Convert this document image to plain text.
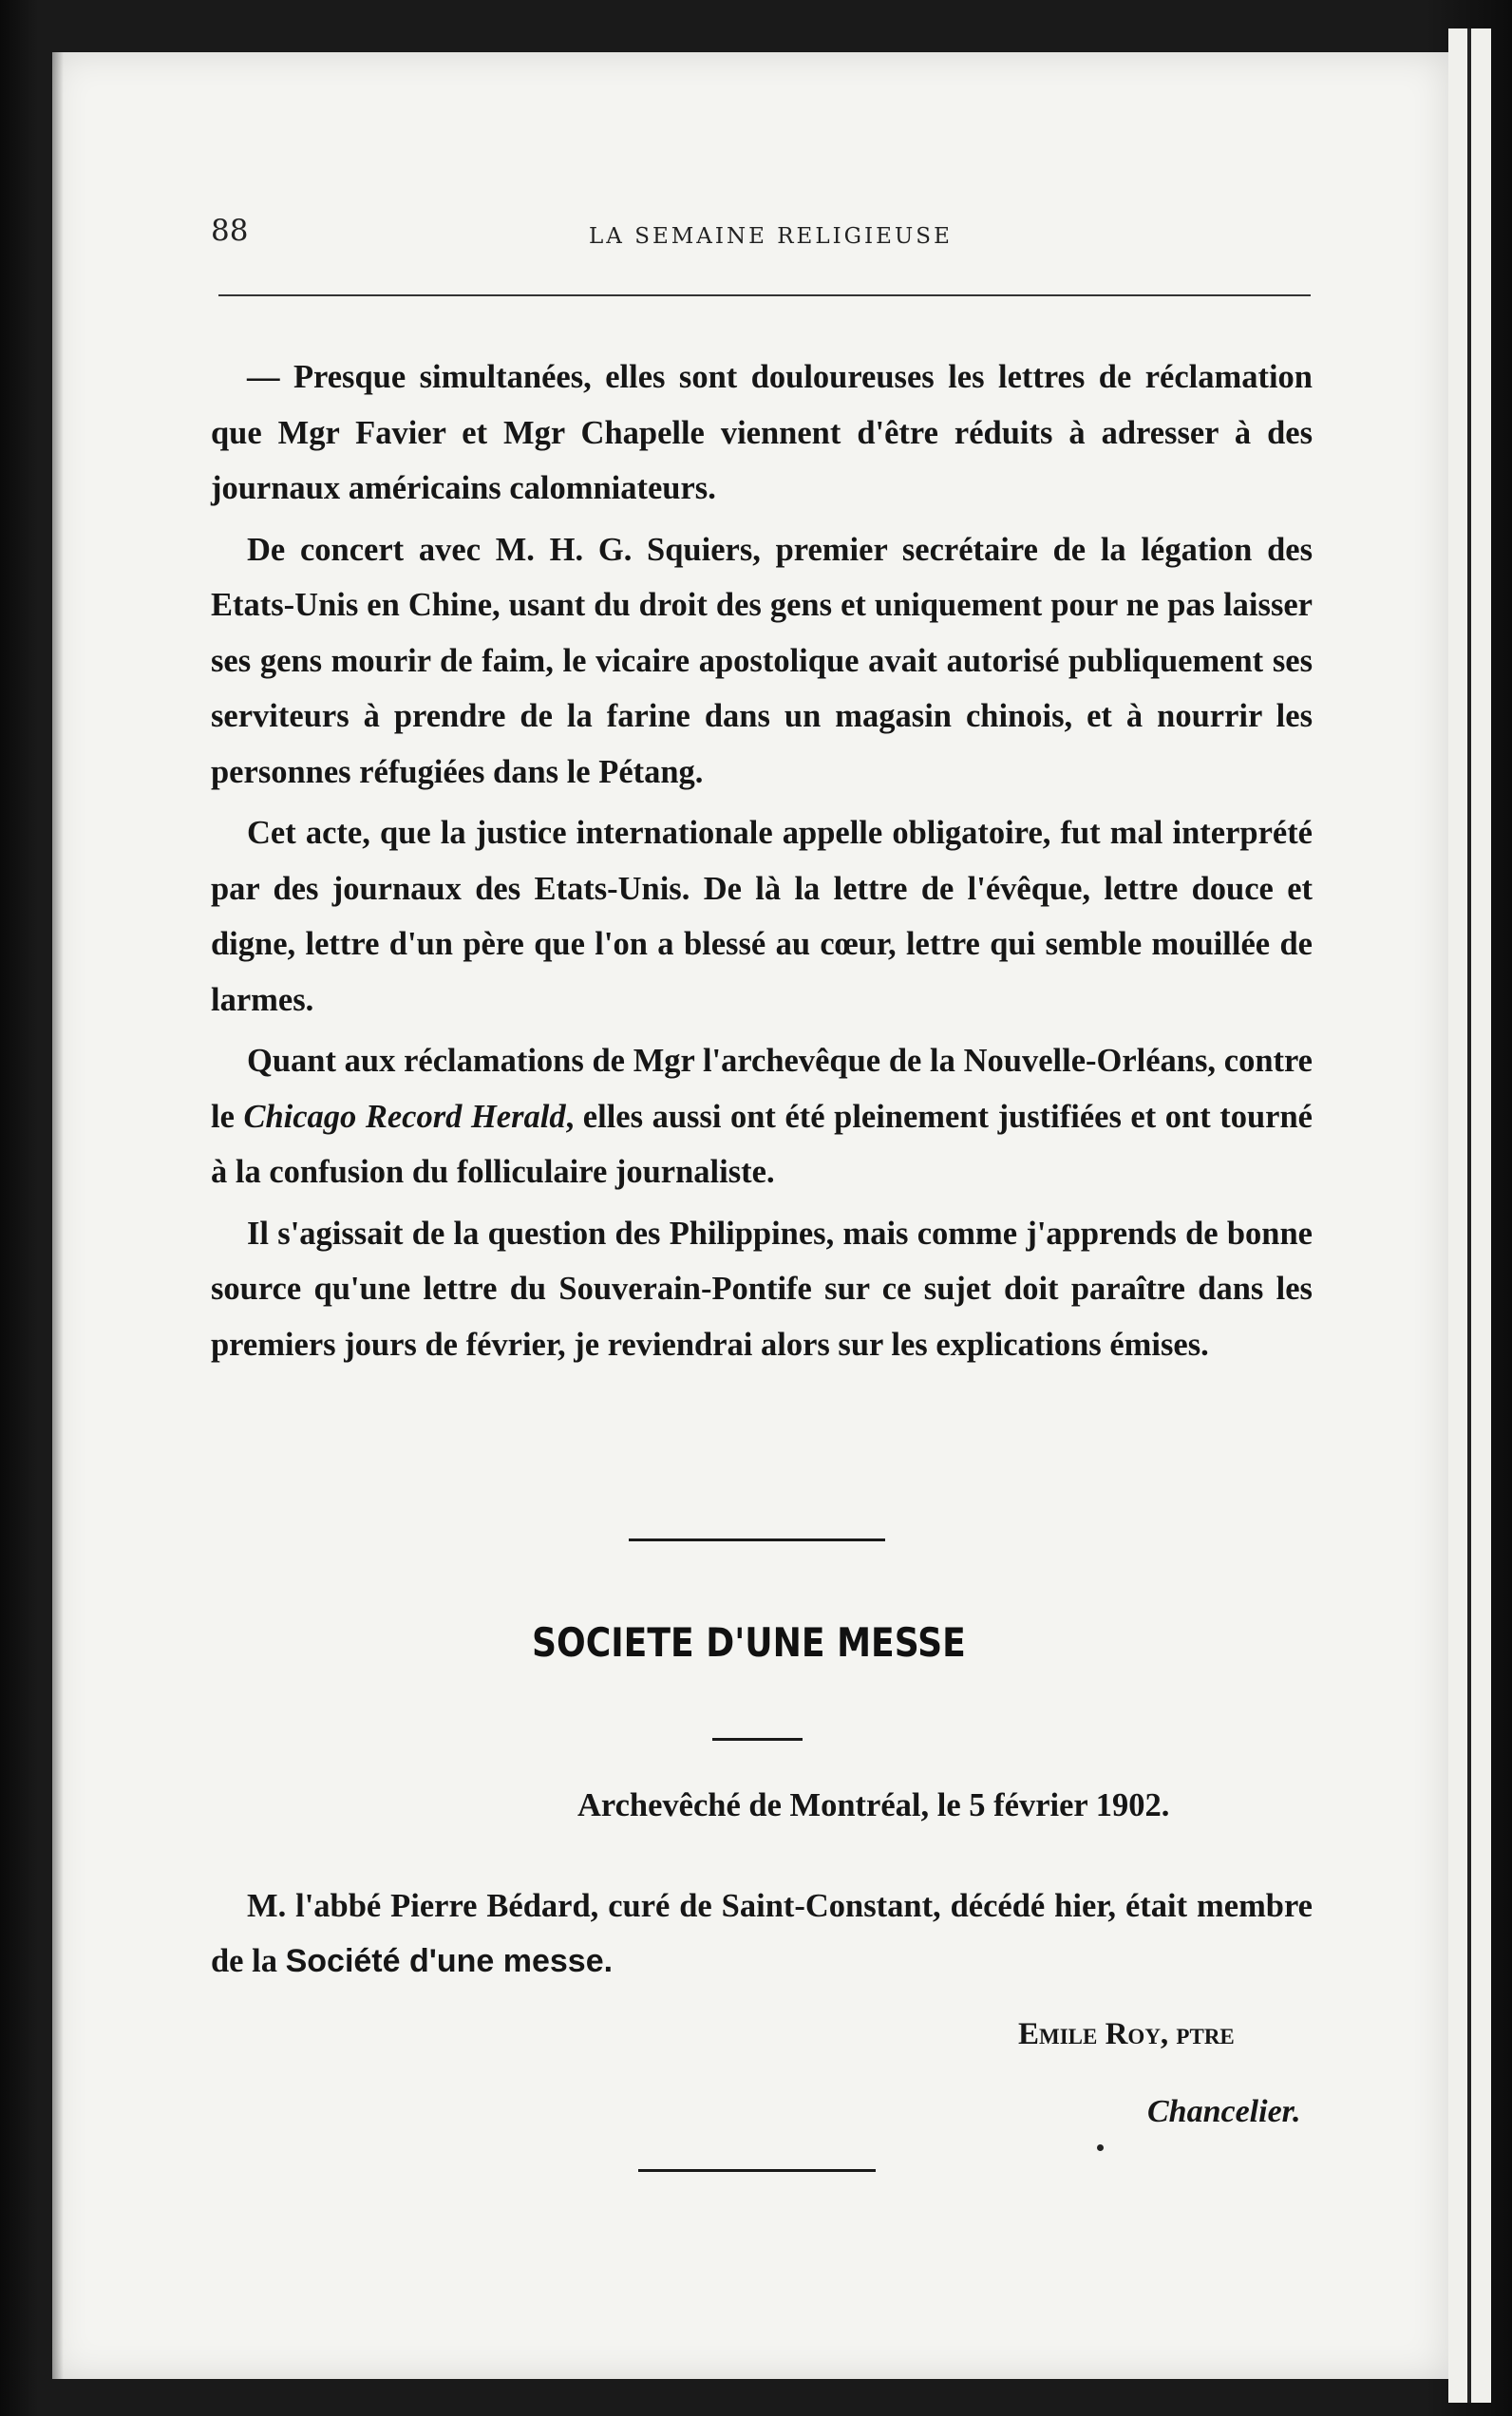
88	LA SEMAINE RELIGIEUSE

— Presque simultanées, elles sont douloureuses les lettres de réclamation que Mgr Favier et Mgr Chapelle viennent d'être réduits à adresser à des journaux américains calomniateurs.

De concert avec M. H. G. Squiers, premier secrétaire de la légation des Etats-Unis en Chine, usant du droit des gens et uniquement pour ne pas laisser ses gens mourir de faim, le vicaire apostolique avait autorisé publiquement ses serviteurs à prendre de la farine dans un magasin chinois, et à nourrir les personnes réfugiées dans le Pétang.

Cet acte, que la justice internationale appelle obligatoire, fut mal interprété par des journaux des Etats-Unis. De là la lettre de l'évêque, lettre douce et digne, lettre d'un père que l'on a blessé au cœur, lettre qui semble mouillée de larmes.

Quant aux réclamations de Mgr l'archevêque de la Nouvelle-Orléans, contre le Chicago Record Herald, elles aussi ont été pleinement justifiées et ont tourné à la confusion du folliculaire journaliste.

Il s'agissait de la question des Philippines, mais comme j'apprends de bonne source qu'une lettre du Souverain-Pontife sur ce sujet doit paraître dans les premiers jours de février, je reviendrai alors sur les explications émises.

SOCIETE D'UNE MESSE
Archevêché de Montréal, le 5 février 1902.

M. l'abbé Pierre Bédard, curé de Saint-Constant, décédé hier, était membre de la Société d'une messe.

Emile Roy, ptre
Chancelier.
